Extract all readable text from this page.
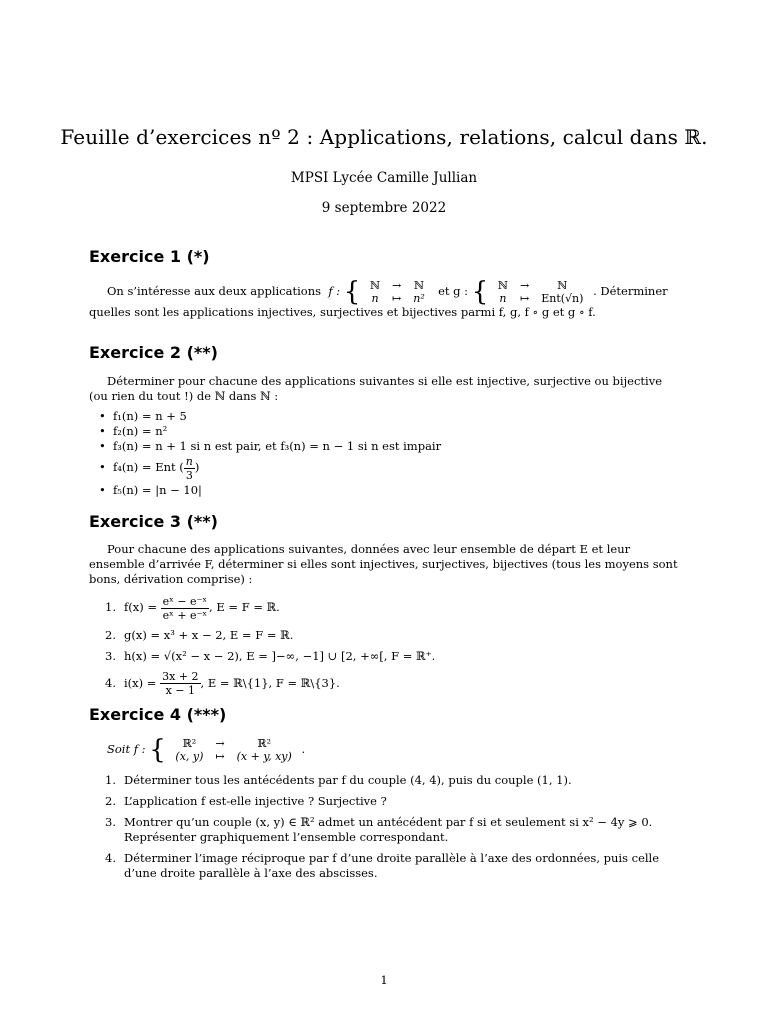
Feuille d’exercices nº 2 : Applications, relations, calcul dans ℝ.
MPSI Lycée Camille Jullian
9 septembre 2022
Exercice 1 (*)
On s’intéresse aux deux applications f : { ℕ	→	ℕ
n	↦	n²  et g : { ℕ	→	ℕ
n	↦	Ent(√n) . Déterminer
quelles sont les applications injectives, surjectives et bijectives parmi f, g, f ∘ g et g ∘ f.
Exercice 2 (**)
Déterminer pour chacune des applications suivantes si elle est injective, surjective ou bijective (ou rien du tout !) de ℕ dans ℕ :
• f₁(n) = n + 5
• f₂(n) = n²
• f₃(n) = n + 1 si n est pair, et f₃(n) = n − 1 si n est impair
• f₄(n) = Ent ( $\frac{n}{3}$ )
• f₅(n) = |n − 10|
Exercice 3 (**)
Pour chacune des applications suivantes, données avec leur ensemble de départ E et leur ensemble d’arrivée F, déterminer si elles sont injectives, surjectives, bijectives (tous les moyens sont bons, dérivation comprise) :
1. $f(x) = \frac{\text{eˣ − e⁻ˣ}}{\text{eˣ + e⁻ˣ}}$ , E = F = ℝ.
2. g(x) = x³ + x − 2, E = F = ℝ.
3. h(x) = √(x² − x − 2), E = ]−∞, −1] ∪ [2, +∞[, F = ℝ⁺.
4. $i(x) = \frac{3x + 2}{x - 1}$ , E = ℝ\{1}, F = ℝ\{3}.
Exercice 4 (***)
Soit f : { ℝ²	→	ℝ²
(x, y)	↦	(x + y, xy) .
1. Déterminer tous les antécédents par f du couple (4, 4), puis du couple (1, 1).
2. L’application f est-elle injective ? Surjective ?
3. Montrer qu’un couple (x, y) ∈ ℝ² admet un antécédent par f si et seulement si x² − 4y ⩾ 0. Représenter graphiquement l’ensemble correspondant.
4. Déterminer l’image réciproque par f d’une droite parallèle à l’axe des ordonnées, puis celle d’une droite parallèle à l’axe des abscisses.
1
